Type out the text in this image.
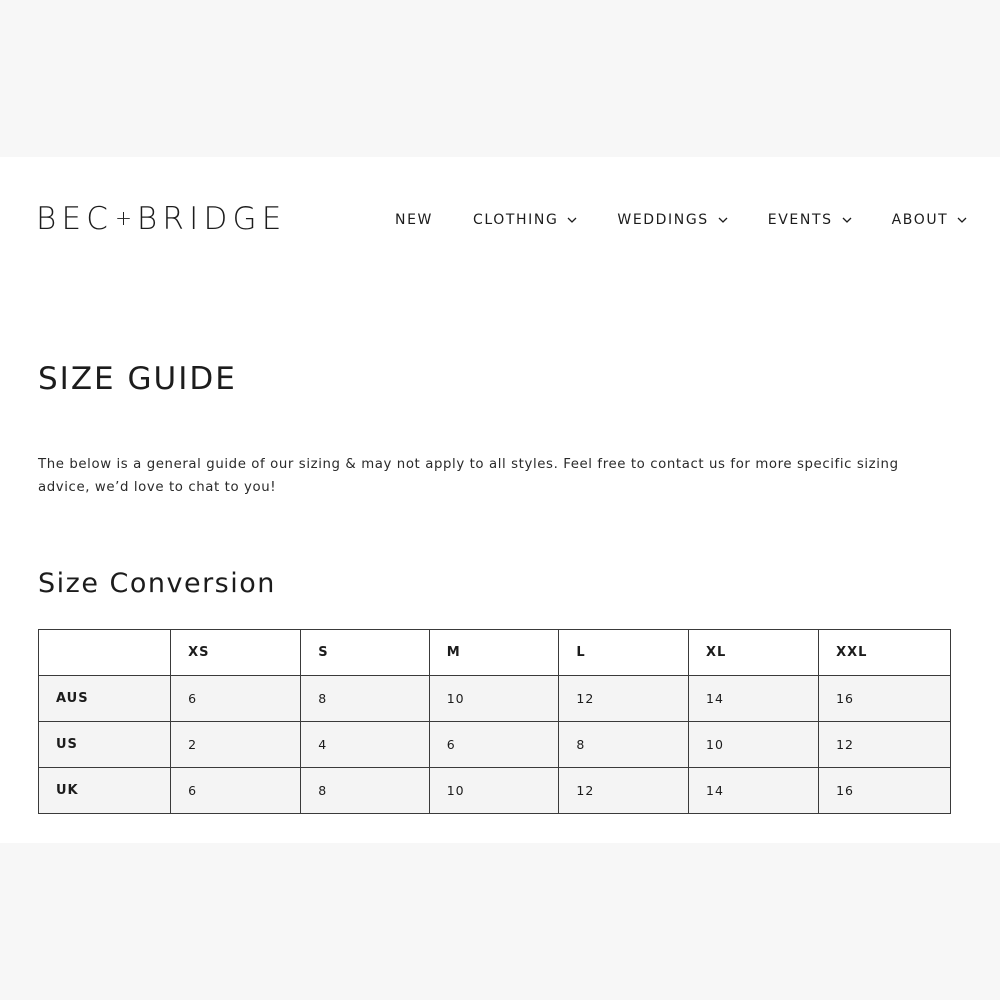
BEC +BRIDGE	NEW	CLOTHING	WEDDINGS	EVENTS	ABOUT
SIZE GUIDE

The below is a general guide of our sizing & may not apply to all styles. Feel free to contact us for more specific sizing advice, we’d love to chat to you!

Size Conversion
	XS	S	M	L	XL	XXL
AUS	6	8	10	12	14	16
US	2	4	6	8	10	12
UK	6	8	10	12	14	16
